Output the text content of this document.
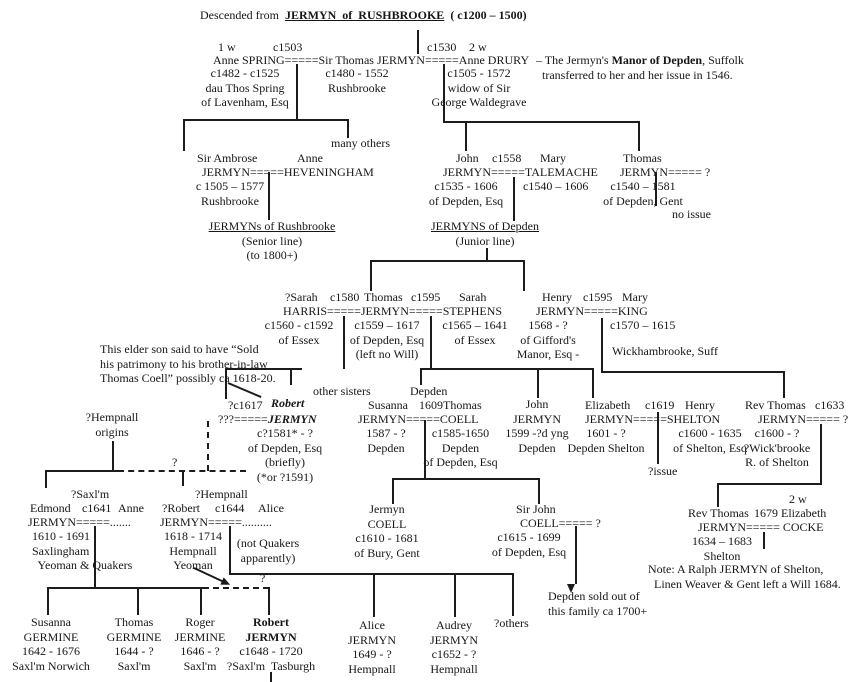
Descended from  JERMYN  of  RUSHBROOKE  ( c1200 – 1500)
1 w	c1503	c1530 2 w
Anne SPRING=====Sir Thomas JERMYN=====Anne DRURY – The Jermyn's Manor of Depden, Suffolk
transferred to her and her issue in 1546.
c1482 - c1525
dau Thos Spring
of Lavenham, Esq
c1480 - 1552
Rushbrooke
c1505 - 1572
widow of Sir
George Waldegrave
many others
Sir Ambrose	Anne
JERMYN=====HEVENINGHAM
c 1505 – 1577
Rushbrooke
JERMYNs of Rushbrooke
(Senior line)
(to 1800+)
John c1558 Mary
JERMYN=====TALEMACHE
c1535 - 1606
of Depden, Esq
c1540 – 1606
Thomas
JERMYN===== ?
c1540 – 1581
of Depden, Gent
no issue
JERMYNS of Depden
(Junior line)
?Sarah c1580 Thomas c1595 Sarah	Henry c1595 Mary
HARRIS=====JERMYN=====STEPHENS	JERMYN=====KING
c1560 - c1592
of Essex
c1559 – 1617
of Depden, Esq
(left no Will)
c1565 – 1641
of Essex
1568 - ?
of Gifford's
Manor, Esq -
c1570 – 1615
Wickhambrooke, Suff
This elder son said to have “Sold
his patrimony to his brother-in-law
Thomas Coell” possibly ca 1618-20.
other sisters	Depden
?c1617 Robert
???=====JERMYN
c?1581* - ?
of Depden, Esq
(briefly)
(*or ?1591)
Susanna 1609 Thomas
JERMYN=====COELL
1587 - ?
Depden
c1585-1650
Depden
of Depden, Esq
John
JERMYN
1599 -?d yng
Depden
Elizabeth c1619 Henry
JERMYN=====SHELTON
1601 - ?
Depden Shelton
c1600 - 1635
of Shelton, Esq
?issue
Rev Thomas c1633
JERMYN===== ?
c1600 - ?
?Wick'brooke
R. of Shelton
?Hempnall
origins
?
?Saxl'm
Edmond c1641 Anne
JERMYN=====.......
1610 - 1691
Saxlingham
Yeoman & Quakers
?Hempnall
?Robert c1644 Alice
JERMYN=====..........
1618 - 1714
Hempnall
Yeoman
(not Quakers
apparently)
Jermyn
COELL
c1610 - 1681
of Bury, Gent
Sir John
COELL===== ?
c1615 - 1699
of Depden, Esq
Depden sold out of
this family ca 1700+
2 w
Rev Thomas 1679 Elizabeth
JERMYN===== COCKE
1634 – 1683
Shelton
Note: A Ralph JERMYN of Shelton,
Linen Weaver & Gent left a Will 1684.
?
Susanna
GERMINE
1642 - 1676
Saxl'm Norwich
Thomas
GERMINE
1644 - ?
Saxl'm
Roger
JERMINE
1646 - ?
Saxl'm
Robert
JERMYN
c1648 - 1720
?Saxl'm  Tasburgh
Alice
JERMYN
1649 - ?
Hempnall
Audrey
JERMYN
c1652 - ?
Hempnall
?others
